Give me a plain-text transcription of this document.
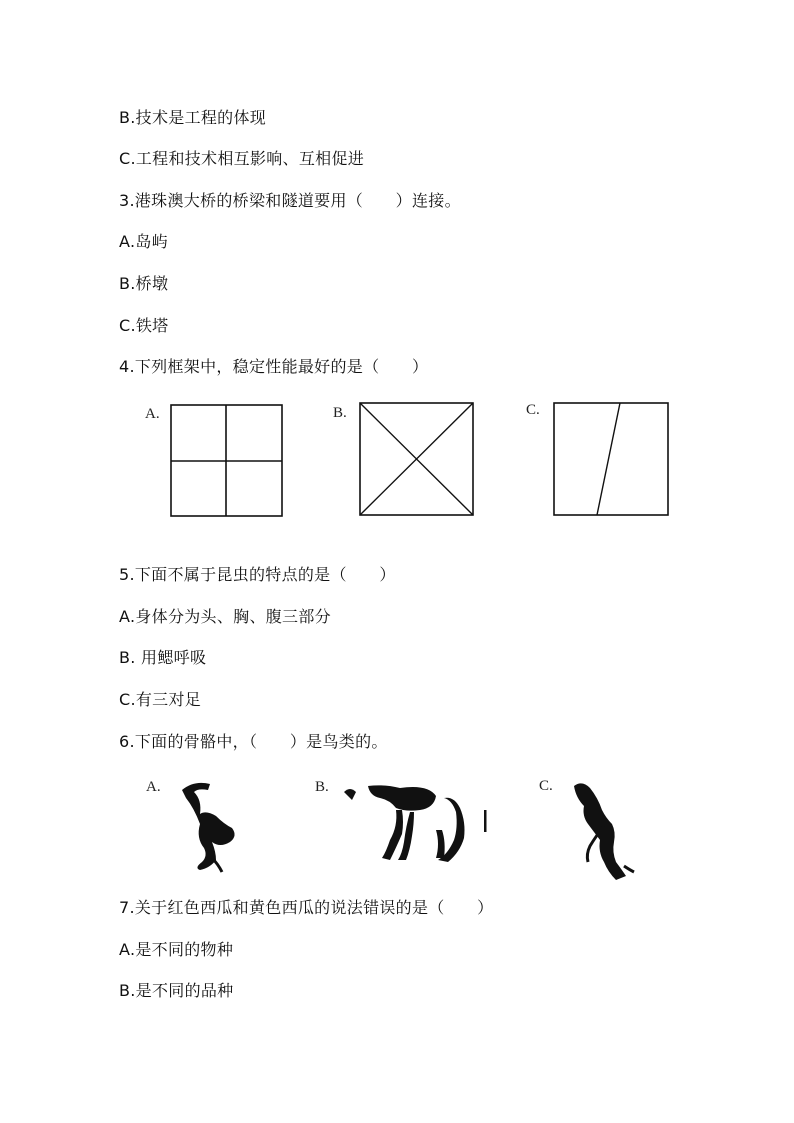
B.技术是工程的体现
C.工程和技术相互影响、互相促进
3.港珠澳大桥的桥梁和隧道要用（　　）连接。
A.岛屿
B.桥墩
C.铁塔
4.下列框架中，稳定性能最好的是（　　）
A.	B.	C.
5.下面不属于昆虫的特点的是（　　）
A.身体分为头、胸、腹三部分
B. 用鳃呼吸
C.有三对足
6.下面的骨骼中，（　　）是鸟类的。
A.	B.	C.
7.关于红色西瓜和黄色西瓜的说法错误的是（　　）
A.是不同的物种
B.是不同的品种
